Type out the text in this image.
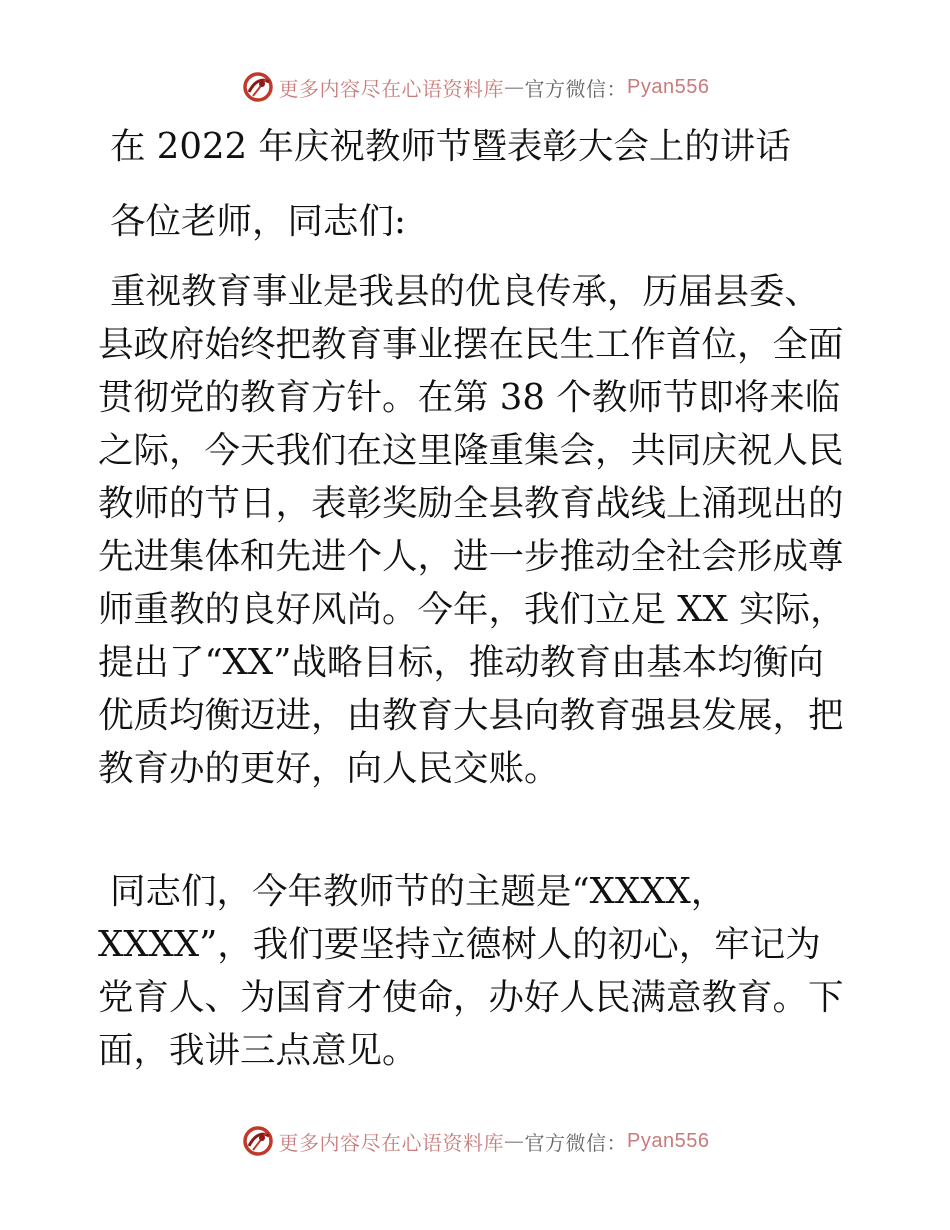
更多内容尽在心语资料库 — 官方微信： Pyan556

在 2022 年庆祝教师节暨表彰大会上的讲话

各位老师，同志们:

重视教育事业是我县的优良传承，历届县委、县政府始终把教育事业摆在民生工作首位，全面贯彻党的教育方针。在第 38 个教师节即将来临之际，今天我们在这里隆重集会，共同庆祝人民教师的节日，表彰奖励全县教育战线上涌现出的先进集体和先进个人，进一步推动全社会形成尊师重教的良好风尚。今年，我们立足 XX 实际，提出了“XX”战略目标，推动教育由基本均衡向优质均衡迈进，由教育大县向教育强县发展，把教育办的更好，向人民交账。

同志们，今年教师节的主题是“XXXX，XXXX”，我们要坚持立德树人的初心，牢记为党育人、为国育才使命，办好人民满意教育。下面，我讲三点意见。

更多内容尽在心语资料库 — 官方微信： Pyan556
